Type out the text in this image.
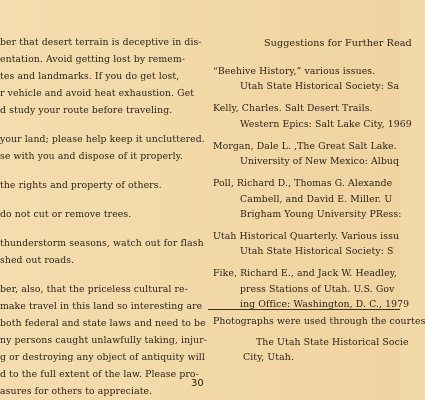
ber that desert terrain is deceptive in dis-
entation. Avoid getting lost by remem-
tes and landmarks. If you do get lost,
r vehicle and avoid heat exhaustion. Get
d study your route before traveling.
your land; please help keep it uncluttered.
se with you and dispose of it properly.
the rights and property of others.
do not cut or remove trees.
thunderstorm seasons, watch out for flash
shed out roads.
ber, also, that the priceless cultural re-
make travel in this land so interesting are
both federal and state laws and need to be
ny persons caught unlawfully taking, injur-
g or destroying any object of antiquity will
d to the full extent of the law. Please pro-
asures for others to appreciate.
Suggestions for Further Read
“Beehive History,” various issues.
Utah State Historical Society: Sa
Kelly, Charles. Salt Desert Trails.
Western Epics: Salt Lake City, 1969
Morgan, Dale L. ,The Great Salt Lake.
University of New Mexico: Albuq
Poll, Richard D., Thomas G. Alexande
Cambell, and David E. Miller. U
Brigham Young University PRess:
Utah Historical Quarterly. Various issu
Utah State Historical Society: S
Fike, Richard E., and Jack W. Headley,
press Stations of Utah. U.S. Gov
ing Office: Washington, D. C., 1979
Photographs were used through the courtes
The Utah State Historical Socie
City, Utah.
30
